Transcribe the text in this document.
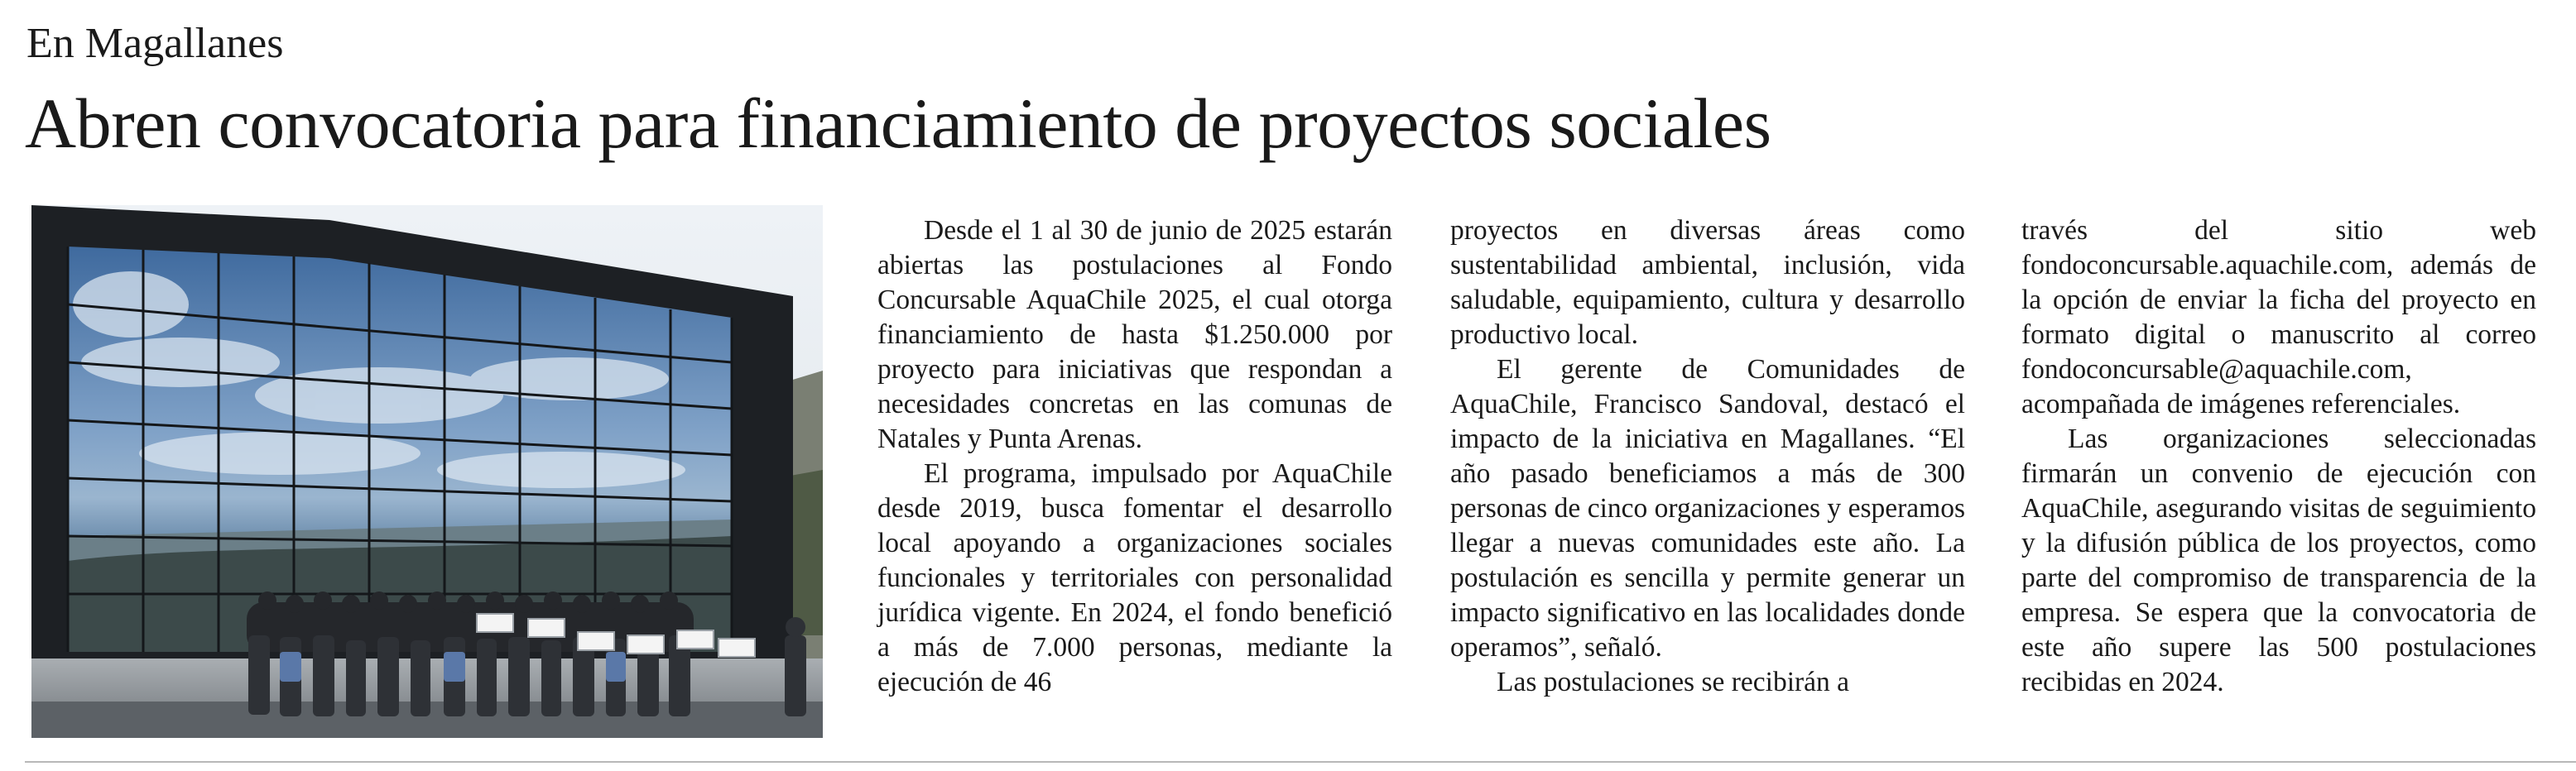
En Magallanes
Abren convocatoria para financiamiento de proyectos sociales

Desde el 1 al 30 de junio de 2025 estarán abiertas las postulaciones al Fondo Concursable AquaChile 2025, el cual otorga financiamiento de hasta $1.250.000 por proyecto para iniciativas que respondan a necesidades concretas en las comunas de Natales y Punta Arenas.

El programa, impulsado por AquaChile desde 2019, busca fomentar el desarrollo local apoyando a organizaciones sociales funcionales y territoriales con personalidad jurídica vigente. En 2024, el fondo benefició a más de 7.000 personas, mediante la ejecución de 46

proyectos en diversas áreas como sustentabilidad ambiental, inclusión, vida saludable, equipamiento, cultura y desarrollo productivo local.

El gerente de Comunidades de AquaChile, Francisco Sandoval, destacó el impacto de la iniciativa en Magallanes. “El año pasado beneficiamos a más de 300 personas de cinco organizaciones y esperamos llegar a nuevas comunidades este año. La postulación es sencilla y permite generar un impacto significativo en las localidades donde operamos”, señaló.

Las postulaciones se recibirán a

través del sitio web fondoconcursable.aquachile.com, además de la opción de enviar la ficha del proyecto en formato digital o manuscrito al correo fondoconcursable@aquachile.com, acompañada de imágenes referenciales.

Las organizaciones seleccionadas firmarán un convenio de ejecución con AquaChile, asegurando visitas de seguimiento y la difusión pública de los proyectos, como parte del compromiso de transparencia de la empresa. Se espera que la convocatoria de este año supere las 500 postulaciones recibidas en 2024.
